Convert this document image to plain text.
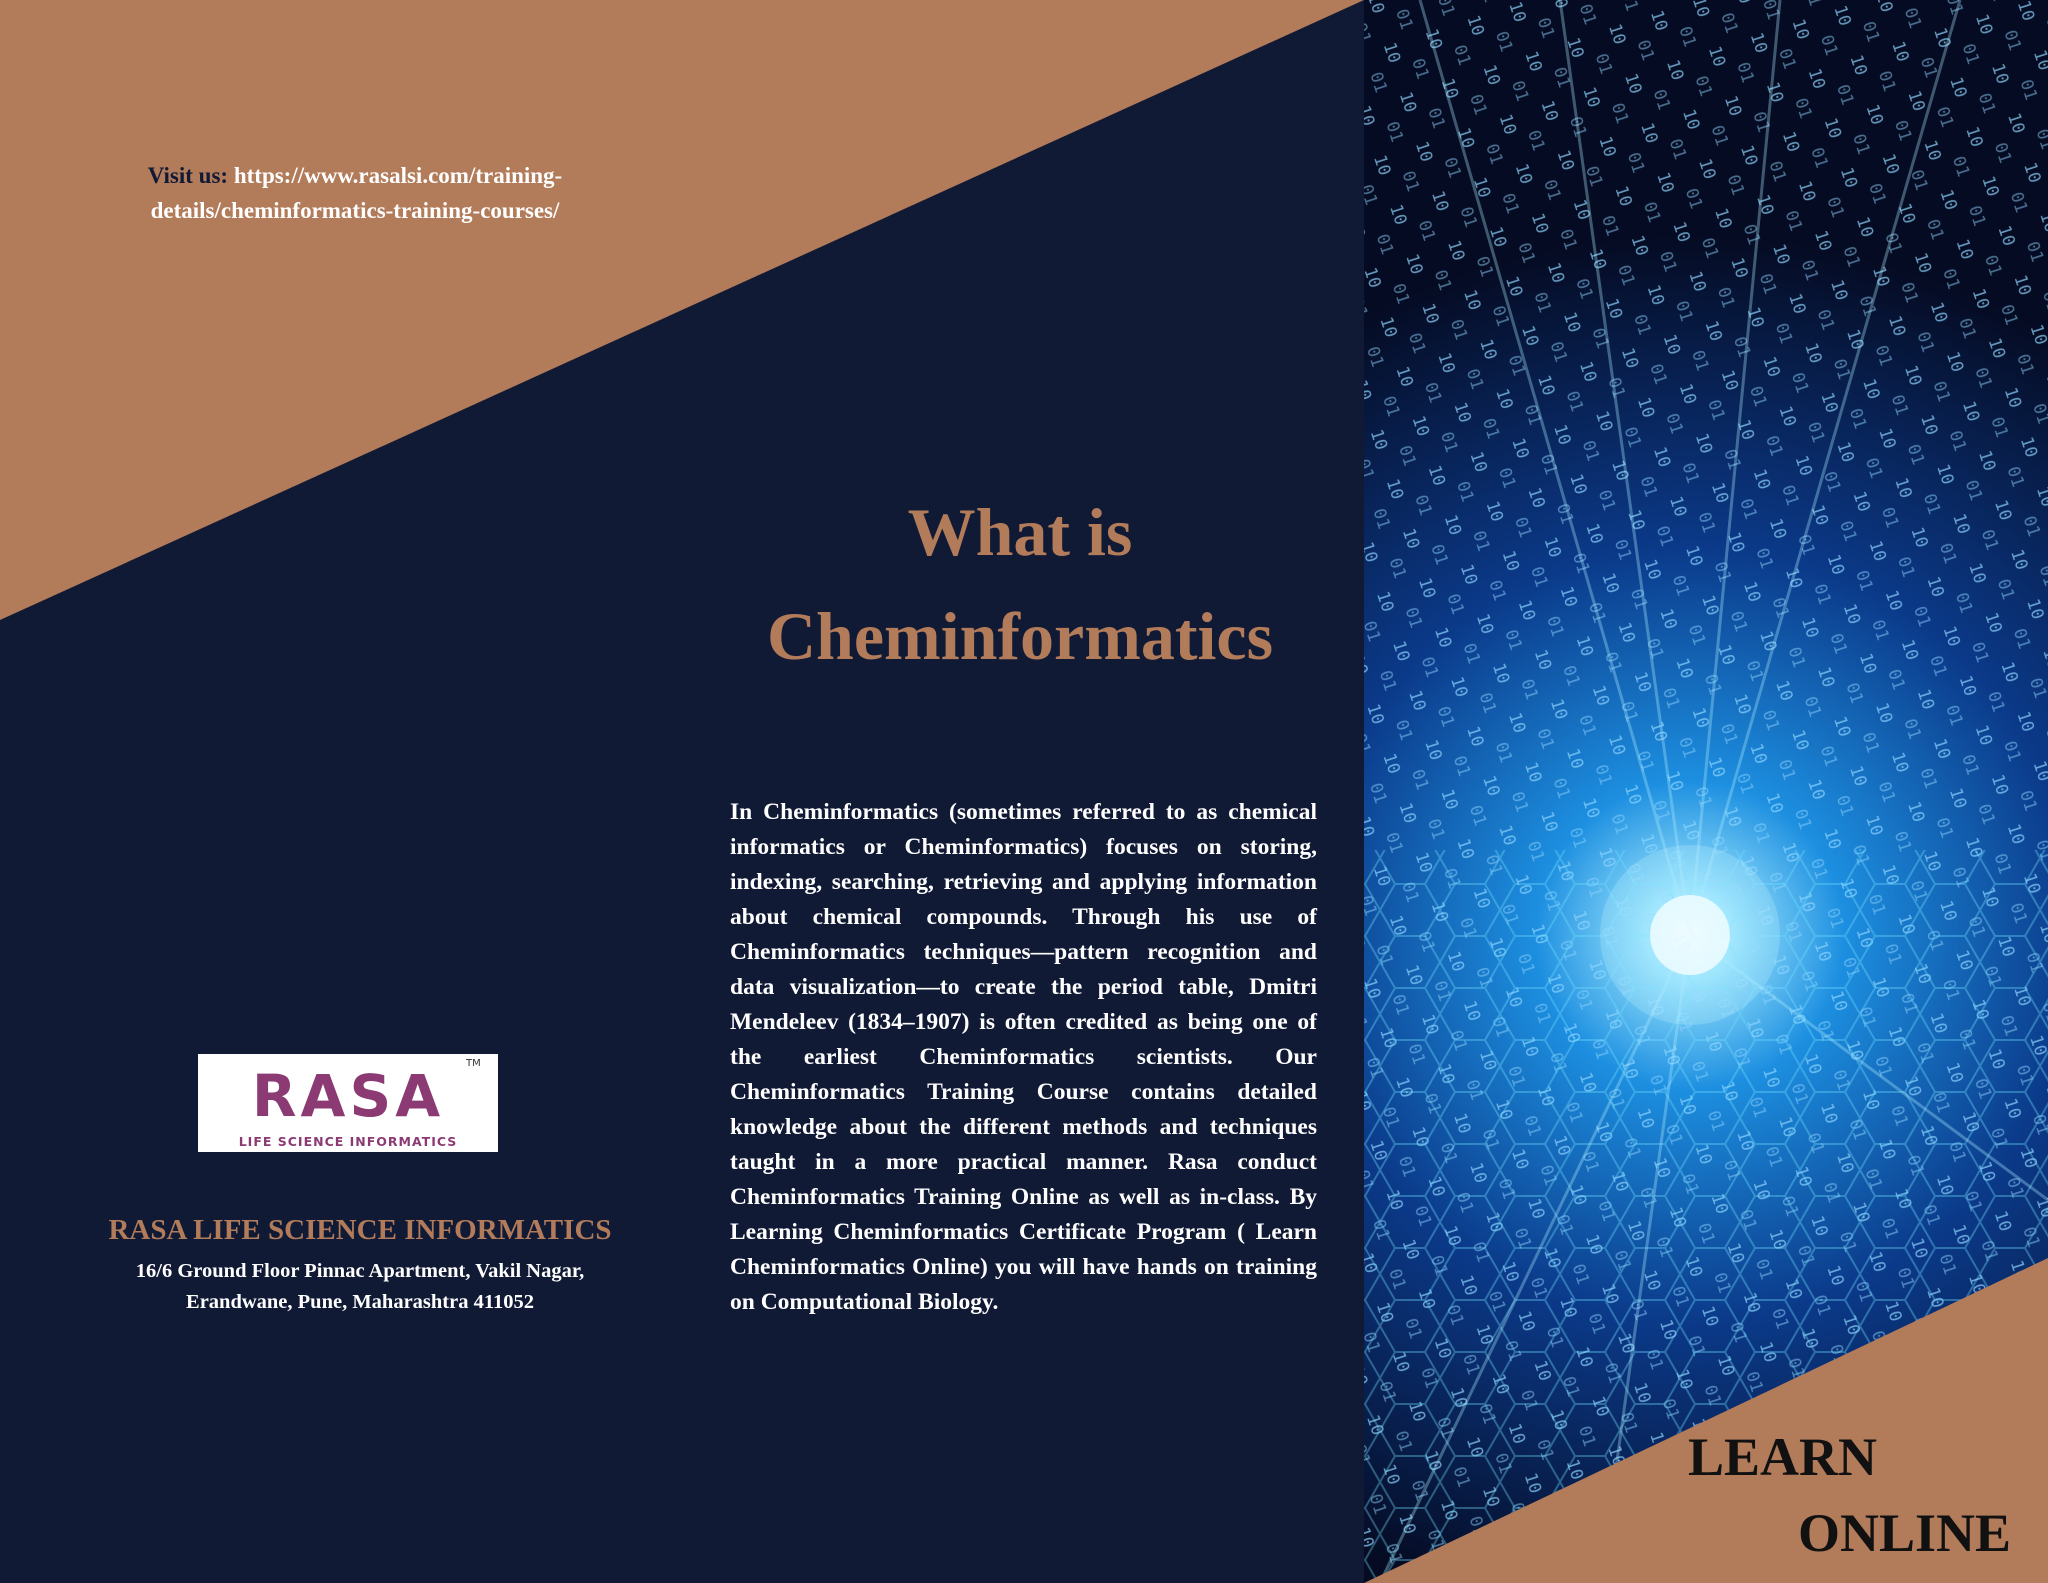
Visit us: https://www.rasalsi.com/training-details/cheminformatics-training-courses/
What is
Cheminformatics
In Cheminformatics (sometimes referred to as chemical informatics or Cheminformatics) focuses on storing, indexing, searching, retrieving and applying information about chemical compounds. Through his use of Cheminformatics techniques—pattern recognition and data visualization—to create the period table, Dmitri Mendeleev (1834–1907) is often credited as being one of the earliest Cheminformatics scientists. Our Cheminformatics Training Course contains detailed knowledge about the different methods and techniques taught in a more practical manner. Rasa conduct Cheminformatics Training Online as well as in-class. By Learning Cheminformatics Certificate Program ( Learn Cheminformatics Online) you will have hands on training on Computational Biology.
RASA	TM
LIFE SCIENCE INFORMATICS
RASA LIFE SCIENCE INFORMATICS
16/6 Ground Floor Pinnac Apartment, Vakil Nagar,
Erandwane, Pune, Maharashtra 411052
LEARN
ONLINE
